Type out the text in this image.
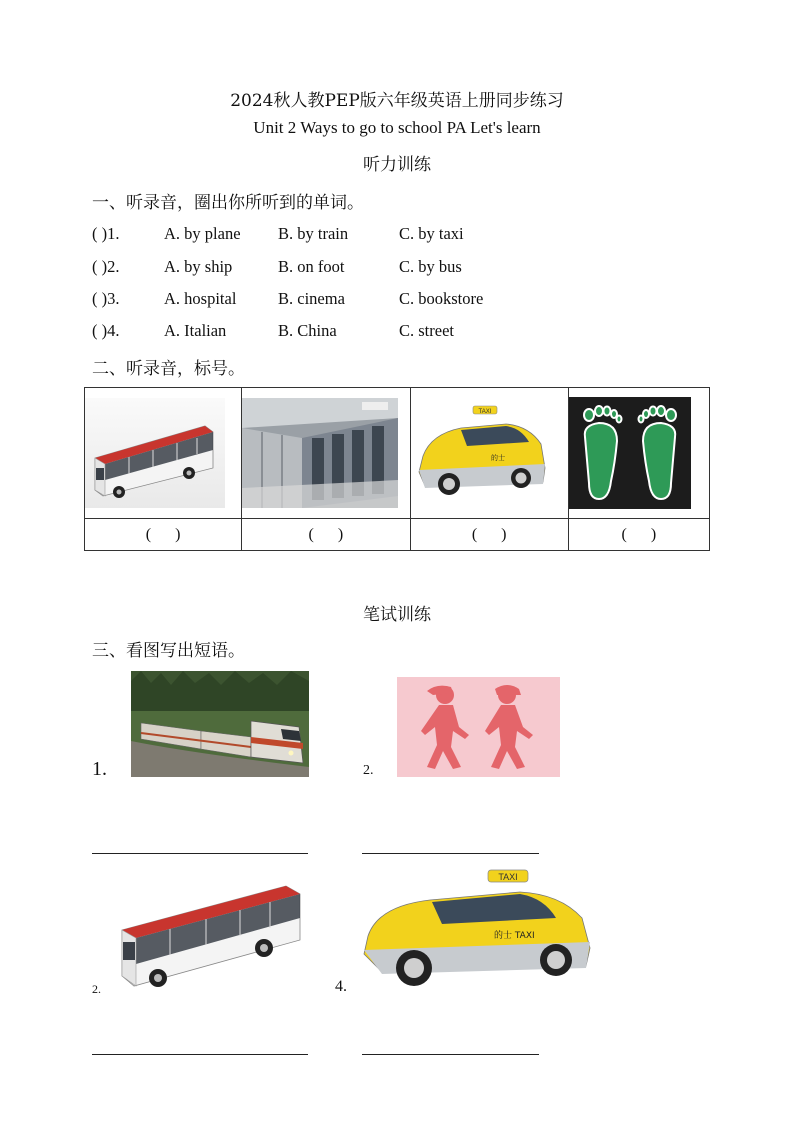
2024秋人教PEP版六年级英语上册同步练习
Unit 2 Ways to go to school PA Let's learn
听力训练
一、听录音，圈出你所听到的单词。
( )1.	A. by plane B. by train	C. by taxi
( )2.	A. by ship	B. on foot	C. by bus
( )3.	A. hospital	B. cinema	C. bookstore
( )4.	A. Italian	B. China	C. street
二、听录音，标号。

TAXI
的士

(      )	(      )	(      )	(      )
笔试训练
三、看图写出短语。
1.	2.
2.	4.
TAXI
的士 TAXI
